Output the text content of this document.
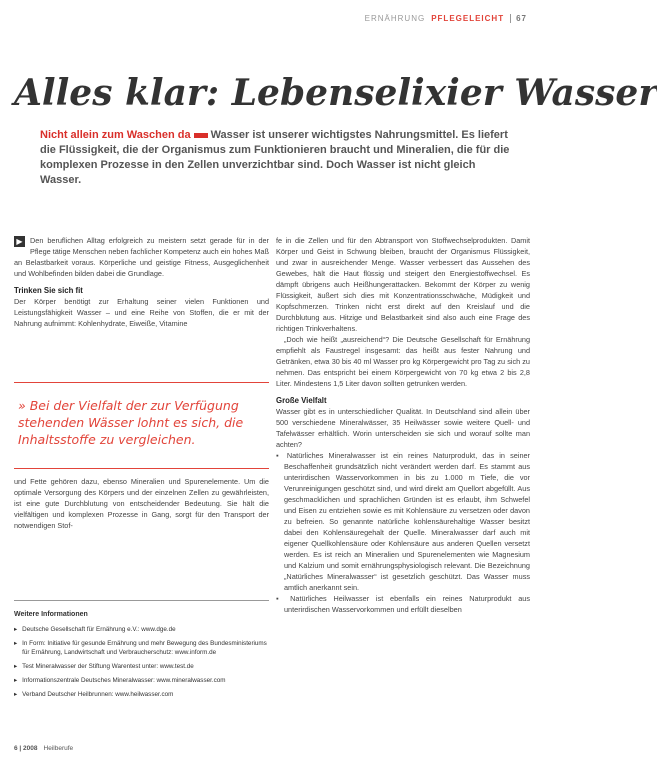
ERNÄHRUNG PFLEGELEICHT	67
Alles klar: Lebenselixier Wasser
Nicht allein zum Waschen da Wasser ist unserer wichtigstes Nahrungsmittel. Es liefert die Flüssigkeit, die der Organismus zum Funktionieren braucht und Mineralien, die für die komplexen Prozesse in den Zellen unverzichtbar sind. Doch Wasser ist nicht gleich Wasser.
▶	Den beruflichen Alltag erfolgreich zu meistern setzt gerade für in der Pflege tätige Menschen neben fachlicher Kompetenz auch ein hohes Maß an Belastbarkeit voraus. Körperliche und geistige Fitness, Ausgeglichenheit und Wohlbefinden bilden dabei die Grundlage.

Trinken Sie sich fit

Der Körper benötigt zur Erhaltung seiner vielen Funktionen und Leistungsfähigkeit Wasser – und eine Reihe von Stoffen, die er mit der Nahrung aufnimmt: Kohlenhydrate, Eiweiße, Vitamine

» Bei der Vielfalt der zur Verfügung stehenden Wässer lohnt es sich, die Inhaltsstoffe zu vergleichen.

und Fette gehören dazu, ebenso Mineralien und Spurenelemente. Um die optimale Versorgung des Körpers und der einzelnen Zellen zu gewährleisten, ist eine gute Durchblutung von entscheidender Bedeutung. Sie hält die vielfältigen und komplexen Prozesse in Gang, sorgt für den Transport der notwendigen Stof-

Weitere Informationen

▸ Deutsche Gesellschaft für Ernährung e.V.: www.dge.de
▸ In Form: Initiative für gesunde Ernährung und mehr Bewegung des Bundesministeriums für Ernährung, Landwirtschaft und Verbraucherschutz: www.inform.de
▸ Test Mineralwasser der Stiftung Warentest unter: www.test.de
▸ Informationszentrale Deutsches Mineralwasser: www.mineralwasser.com
▸ Verband Deutscher Heilbrunnen: www.heilwasser.com

fe in die Zellen und für den Abtransport von Stoffwechselprodukten. Damit Körper und Geist in Schwung bleiben, braucht der Organismus Flüssigkeit, und zwar in ausreichender Menge. Wasser verbessert das Aussehen des Gewebes, hält die Haut flüssig und steigert den Energiestoffwechsel. Es dämpft übrigens auch Heißhungerattacken. Bekommt der Körper zu wenig Flüssigkeit, äußert sich dies mit Konzentrationsschwäche, Müdigkeit und Kopfschmerzen. Trinken nicht erst direkt auf den Kreislauf und die Durchblutung aus. Hitzige und Belastbarkeit sind also auch eine Frage des richtigen Trinkverhaltens.

„Doch wie heißt „ausreichend“? Die Deutsche Gesellschaft für Ernährung empfiehlt als Faustregel insgesamt: das heißt aus fester Nahrung und Getränken, etwa 30 bis 40 ml Wasser pro kg Körpergewicht pro Tag zu sich zu nehmen. Das entspricht bei einem Körpergewicht von 70 kg etwa 2 bis 2,8 Liter. Mindestens 1,5 Liter davon sollten getrunken werden.

Große Vielfalt

Wasser gibt es in unterschiedlicher Qualität. In Deutschland sind allein über 500 verschiedene Mineralwässer, 35 Heilwässer sowie weitere Quell- und Tafelwässer erhältlich. Worin unterscheiden sie sich und worauf sollte man achten?

▪ Natürliches Mineralwasser ist ein reines Naturprodukt, das in seiner Beschaffenheit grundsätzlich nicht verändert werden darf. Es stammt aus unterirdischen Wasservorkommen in bis zu 1.000 m Tiefe, die vor Verunreinigungen geschützt sind, und wird direkt am Quellort abgefüllt. Aus geschmacklichen und sprachlichen Gründen ist es erlaubt, ihm Schwefel und Eisen zu entziehen sowie es mit Kohlensäure zu versetzen oder davon zu befreien. So genannte natürliche kohlensäurehaltige Wasser besitzt dabei den Kohlensäuregehalt der Quelle. Mineralwasser darf auch mit eigener Quellkohlensäure oder Kohlensäure aus anderen Quellen versetzt werden. Es ist reich an Mineralien und Spurenelementen wie Magnesium und Kalzium und somit ernährungsphysiologisch relevant. Die Bezeichnung „Natürliches Mineralwasser“ ist gesetzlich geschützt. Das Wasser muss amtlich anerkannt sein.
▪ Natürliches Heilwasser ist ebenfalls ein reines Naturprodukt aus unterirdischen Wasservorkommen und erfüllt dieselben
6 | 2008 Heilberufe
